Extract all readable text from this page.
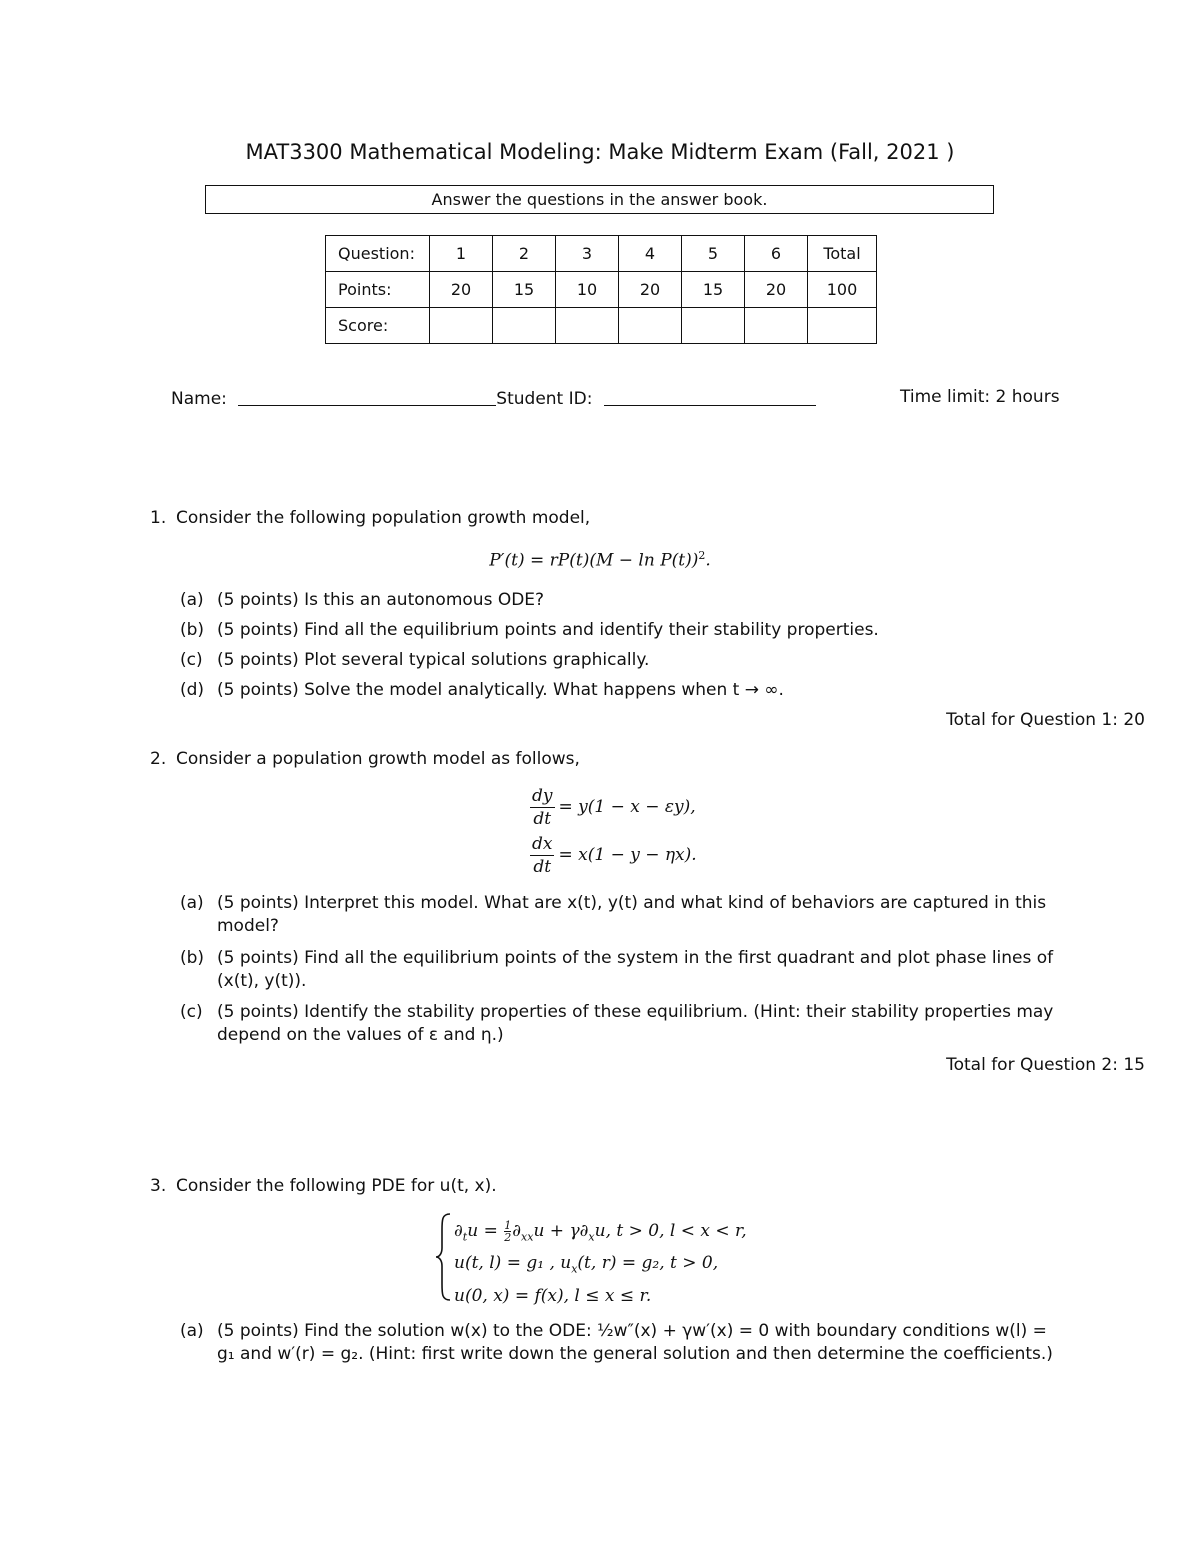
MAT3300 Mathematical Modeling: Make Midterm Exam (Fall, 2021 )
Answer the questions in the answer book.
Question:	1	2	3	4	5	6	Total
Points:	20	15	10	20	15	20	100
Score:							
Name:	Student ID:	Time limit: 2 hours
1. Consider the following population growth model,
$P'(t) = rP(t)(M - \ln P(t))^2$.
(a) (5 points) Is this an autonomous ODE?
(b) (5 points) Find all the equilibrium points and identify their stability properties.
(c) (5 points) Plot several typical solutions graphically.
(d) (5 points) Solve the model analytically. What happens when t → ∞.
Total for Question 1: 20
2. Consider a population growth model as follows,
$\frac{dy}{dt} = y(1 - x - \varepsilon y)$,
$\frac{dx}{dt} = x(1 - y - \eta x)$.
(a) (5 points) Interpret this model. What are x(t), y(t) and what kind of behaviors are captured in this model?
(b) (5 points) Find all the equilibrium points of the system in the first quadrant and plot phase lines of (x(t), y(t)).
(c) (5 points) Identify the stability properties of these equilibrium. (Hint: their stability properties may depend on the values of ε and η.)
Total for Question 2: 15
3. Consider the following PDE for u(t, x).
$\partial_tu = \frac{1}{2} \partial_{xx}u + \gamma\partial_xu$, t > 0, l < x < r,
u(t, l) = g₁ , $u_x(t$, r) = g₂, t > 0,
u(0, x) = f(x), l ≤ x ≤ r.
(a) (5 points) Find the solution w(x) to the ODE: ½w″(x) + γw′(x) = 0 with boundary conditions w(l) = g₁ and w′(r) = g₂. (Hint: first write down the general solution and then determine the coefficients.)
